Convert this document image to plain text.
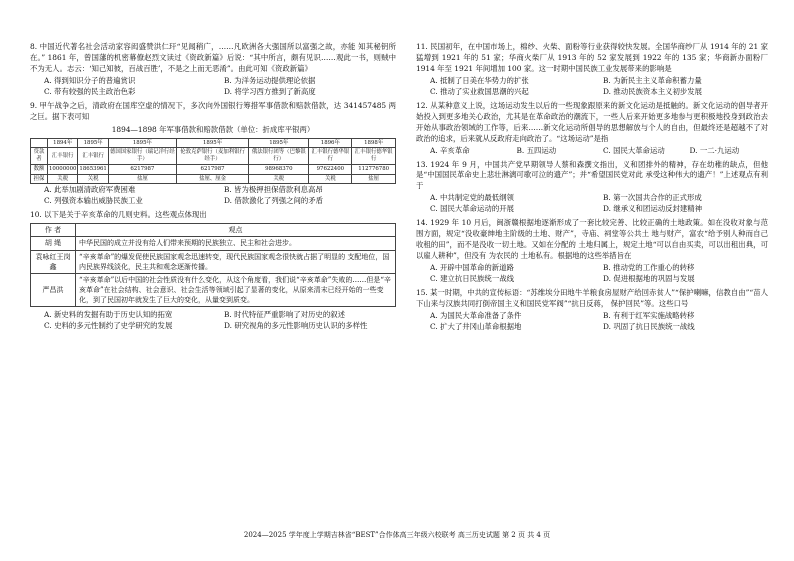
8. 中国近代著名社会活动家容闳盛赞洪仁玕“见闻稍广，……凡欧洲各大强国所以富强之故，亦能 知其秘钥所在。” 1861 年，曾国藩的机密幕僚赵烈文读过《资政新篇》后说：“其中所言，颇有见识……观此一书，则贼中不为无人。志云：‘知己知彼，百战百胜’，不是之上而无恶淆”。由此可知《资政新篇》
A. 得到知识分子的普遍赏识	B. 为洋务运动提供理论依据
C. 带有较强的民主政治色彩	D. 将学习西方推到了新高度
9. 甲午战争之后，清政府在国库空虚的情况下，多次向外国银行筹措军事借款和赔款借款，达 341457485 两之巨。据下表可知
1894—1898 年军事借款和赔款借款（单位：折成库平银两）
	1894年	1895年	1895年	1895年	1895年	1896年	1898年
贷款者	汇丰银行	汇丰银行	德国国家银行（瑞记洋行经手）	伦敦克萨银行（麦加利银行经手）	俄法银行团等（巴黎银行）	汇丰银行德华银行	汇丰银行德华银行
数额	10000000	18653961	6217987	6217987	98968370	97622400	112776780
担保	关税	关税	盐厘	盐厘、厘金	关税	关税	盐厘
A. 此举加剧清政府军费困难	B. 皆为极押担保借款利息高昂
C. 列强资本输出威胁民族工业	D. 借款激化了列强之间的矛盾
10. 以下是关于辛亥革命的几则史料。这些观点体现出
作 者	观点
胡 绳	中华民国的成立并没有给人们带来预期的民族独立、民主和社会进步。
袁咏红王岗鑫	“辛亥革命”的爆发促使民族国家观念迅速转变，现代民族国家观念很快就占据了明显的 支配地位，国内民族界线淡化，民主共和观念逐渐传播。
严昌洪	“辛亥革命”以后中国的社会性质没有什么变化，从这个角度看，我们说“辛亥革命”失败的……但是“辛亥革命”在社会结构、社会意识、社会生活等领域引起了显著的变化，从原来清末已经开始的一些变化，到了民国初年就发生了巨大的变化，从量变到质变。
A. 新史料的发掘有助于历史认知的拓宽	B. 时代特征严重影响了对历史的叙述
C. 史料的多元性制约了史学研究的发展	D. 研究视角的多元性影响历史认识的多样性
11. 民国初年，在中国市场上，棉纱、火柴、面粉等行业获得较快发展。全国华商纱厂从 1914 年的 21 家猛增到 1921 年的 51 家；华商火柴厂从 1913 年的 52 家发展到 1922 年的 135 家；华商新办面粉厂 1914 年至 1921 年间增加 100 家。这一时期中国民族工业发展带来的影响是
A. 抵制了日美在华势力的扩张	B. 为新民主主义革命积蓄力量
C. 推动了实业救国思潮的兴起	D. 推动民族资本主义初步发展
12. 从某种意义上说，这场运动发生以后的一些现象跟原来的新文化运动是抵触的。新文化运动的倡导者开始投入到更多地关心政治，尤其是在革命政治的潮流下，一些人后来开始更多地参与更积极地投身到政治去开始从事政治领域的工作等，后来……新文化运动所倡导的思想解放与个人的自由，但最终还是超越不了对政治的追求，后来就从反政府走向政治了。“这场运动”是指
A. 辛亥革命	B. 五四运动	C. 国民大革命运动	D. 一二·九运动
13. 1924 年 9 月，中国共产党早期领导人蔡和森撰文指出，义和团排外的精神，存在幼稚的缺点，但他是“中国国民革命史上悲壮淋漓可歌可泣的遗产”；并“希望国民党对此 承受这种伟大的遗产！”上述观点有利于
A. 中共制定党的最低纲领	B. 第一次国共合作的正式形成
C. 国民大革命运动的开展	D. 继承义和团运动反封建精神
14. 1929 年 10 月后，闽浙赣根据地逐渐形成了一套比较完善、比较正确的土地政策。如在没收对象与范围方面，规定“没收豪绅地主阶级的土地、财产”，寺庙、祠堂等公共土 地与财产，富农“给予别人种而自己收租的田”，而不是没收一切土地。又如在分配的 土地归属上，规定土地“可以自由买卖，可以出租出典，可以雇人耕种”，但没有 为农民的 土地私有。根据地的这些举措旨在
A. 开辟中国革命的新道路	B. 推动党的工作重心的转移
C. 建立抗日民族统一战线	D. 促进根据地的巩固与发展
15. 某一时期，中共的宣传标语：“苏维埃分田地牛羊粮食房屋财产给回赤贫人”“保护喇嘛，信教自由”“苗人下山来与汉族共同打倒帝国主义和国民党军阀”“抗日反蒋， 保护回民”等。这些口号
A. 为国民大革命准备了条件	B. 有利于红军实施战略转移
C. 扩大了井冈山革命根据地	D. 巩固了抗日民族统一战线
2024—2025 学年度上学期吉林省“BEST”合作体高三年级六校联考 高三历史试题 第 2 页 共 4 页
